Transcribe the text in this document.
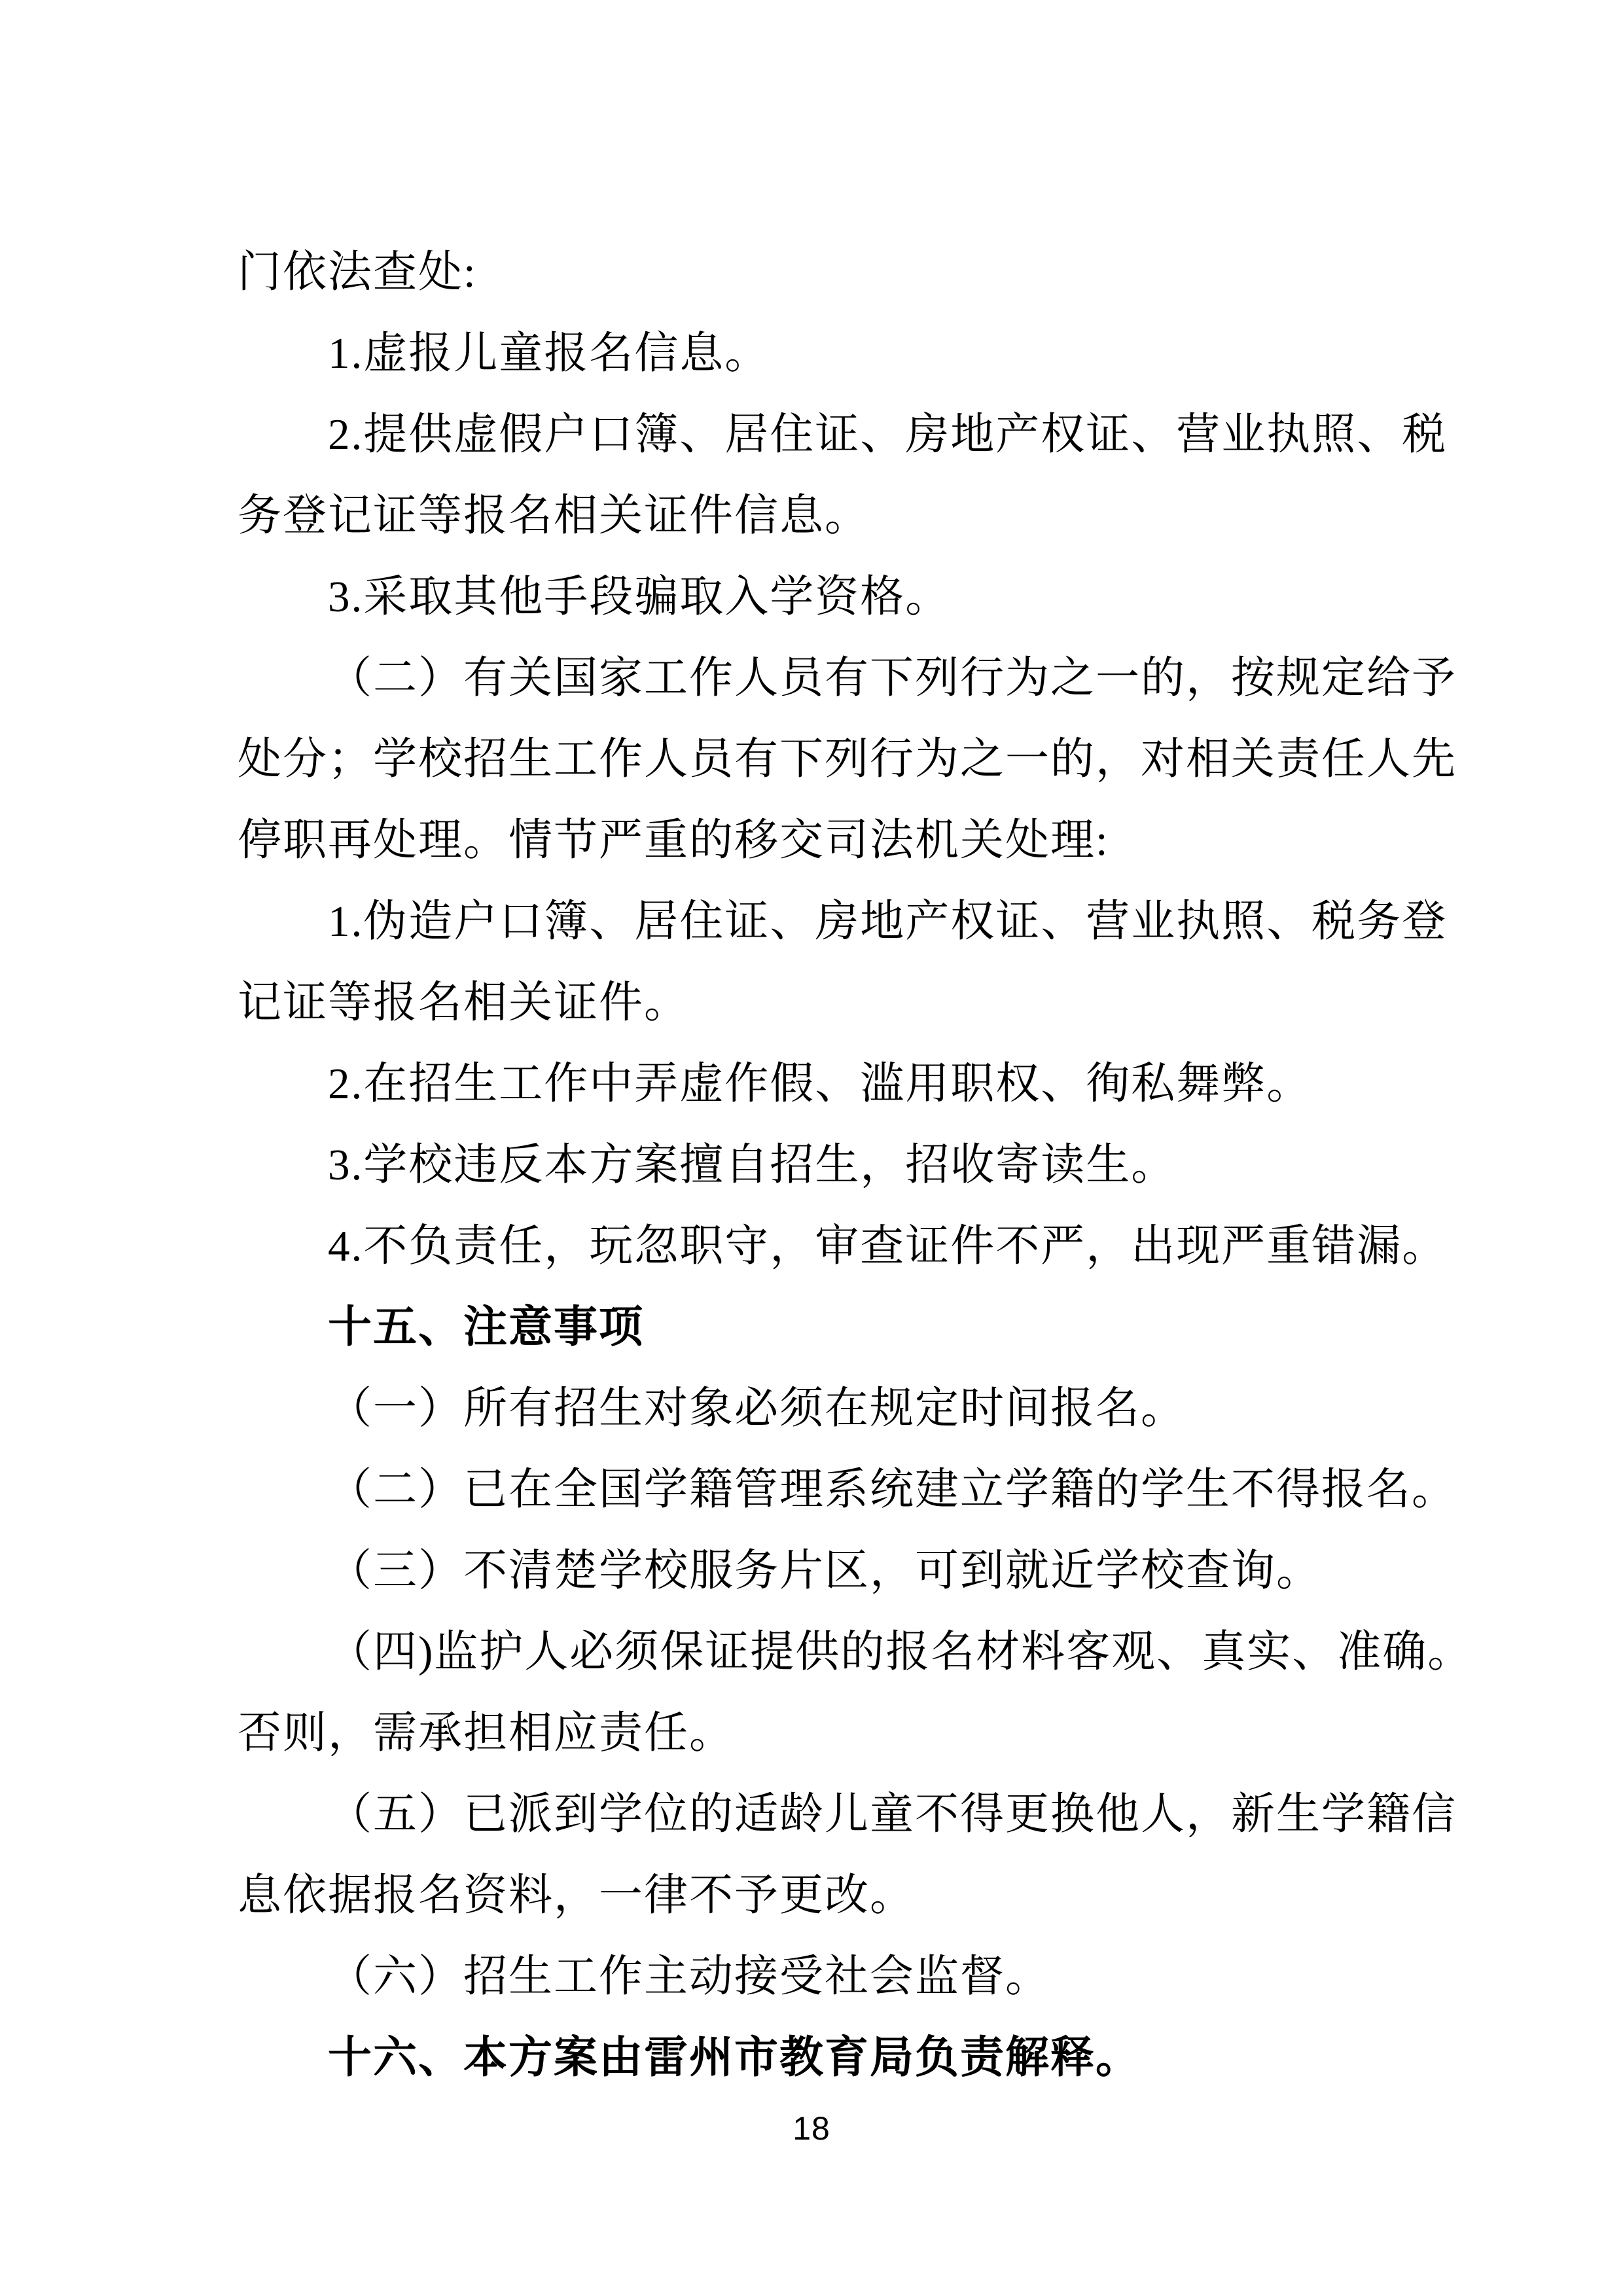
门依法查处:
1.虚报儿童报名信息。
2.提供虚假户口簿、居住证、房地产权证、营业执照、税
务登记证等报名相关证件信息。
3.采取其他手段骗取入学资格。
（二）有关国家工作人员有下列行为之一的，按规定给予
处分；学校招生工作人员有下列行为之一的，对相关责任人先
停职再处理。情节严重的移交司法机关处理:
1.伪造户口簿、居住证、房地产权证、营业执照、税务登
记证等报名相关证件。
2.在招生工作中弄虚作假、滥用职权、徇私舞弊。
3.学校违反本方案擅自招生，招收寄读生。
4.不负责任，玩忽职守，审查证件不严，出现严重错漏。
十五、注意事项
（一）所有招生对象必须在规定时间报名。
（二）已在全国学籍管理系统建立学籍的学生不得报名。
（三）不清楚学校服务片区，可到就近学校查询。
（四)监护人必须保证提供的报名材料客观、真实、准确。
否则，需承担相应责任。
（五）已派到学位的适龄儿童不得更换他人，新生学籍信
息依据报名资料，一律不予更改。
（六）招生工作主动接受社会监督。
十六、本方案由雷州市教育局负责解释。
18
